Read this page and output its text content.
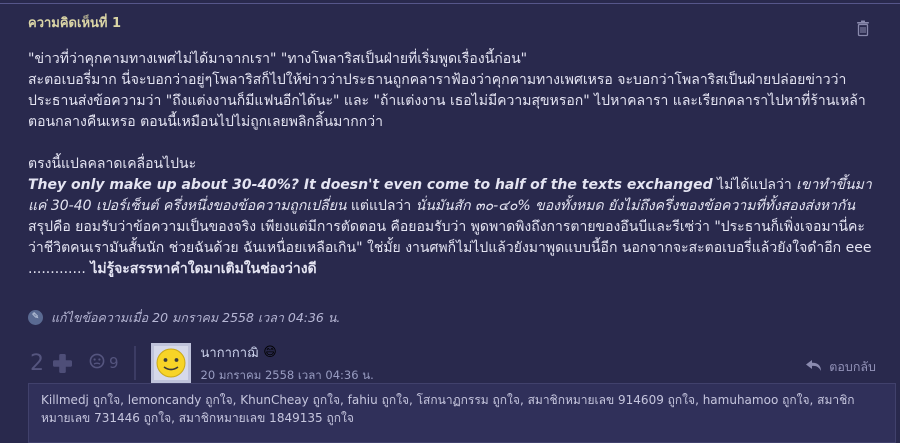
ความคิดเห็นที่ 1
"ข่าวที่ว่าคุกคามทางเพศไม่ได้มาจากเรา" "ทางโพลาริสเป็นฝ่ายที่เริ่มพูดเรื่องนี้ก่อน"
สะตอเบอรี่มาก นี่จะบอกว่าอยู่ๆโพลาริสก็ไปให้ข่าวว่าประธานถูกคลาราฟ้องว่าคุกคามทางเพศเหรอ จะบอกว่าโพลาริสเป็นฝ่ายปล่อยข่าวว่าประธานส่งข้อความว่า "ถึงแต่งงานก็มีแฟนอีกได้นะ" และ "ถ้าแต่งงาน เธอไม่มีความสุขหรอก" ไปหาคลารา และเรียกคลาราไปหาที่ร้านเหล้าตอนกลางคืนเหรอ ตอนนี้เหมือนไปไม่ถูกเลยพลิกลิ้นมากกว่า
ตรงนี้แปลคลาดเคลื่อนไปนะ
They only make up about 30-40%? It doesn't even come to half of the texts exchanged ไม่ได้แปลว่า เขาทำขึ้นมาแค่ 30-40 เปอร์เซ็นต์ ครึ่งหนึ่งของข้อความถูกเปลี่ยน แต่แปลว่า นั่นมันสัก ๓๐-๔๐% ของทั้งหมด ยังไม่ถึงครึ่งของข้อความที่ทั้งสองส่งหากัน
สรุปคือ ยอมรับว่าข้อความเป็นของจริง เพียงแต่มีการตัดตอน คือยอมรับว่า พูดพาดพิงถึงการตายของอึนบีและรีเซ่ว่า "ประธานก็เพิ่งเจอมานี่คะว่าชีวิตคนเรามันสั้นนัก ช่วยฉันด้วย ฉันเหนื่อยเหลือเกิน" ใช่มั้ย งานศพก็ไม่ไปแล้วยังมาพูดแบบนี้อีก นอกจากจะสะตอเบอรี่แล้วยังใจดำอีก eee ............. ไม่รู้จะสรรหาคำใดมาเติมในช่องว่างดี
✎ แก้ไขข้อความเมื่อ 20 มกราคม 2558 เวลา 04:36 น.
2	9
นากากาฌิ 😄
20 มกราคม 2558 เวลา 04:36 น.
ตอบกลับ
Killmedj ถูกใจ, lemoncandy ถูกใจ, KhunCheay ถูกใจ, fahiu ถูกใจ, โสกนาฏกรรม ถูกใจ, สมาชิกหมายเลข 914609 ถูกใจ, hamuhamoo ถูกใจ, สมาชิกหมายเลข 731446 ถูกใจ, สมาชิกหมายเลข 1849135 ถูกใจ
